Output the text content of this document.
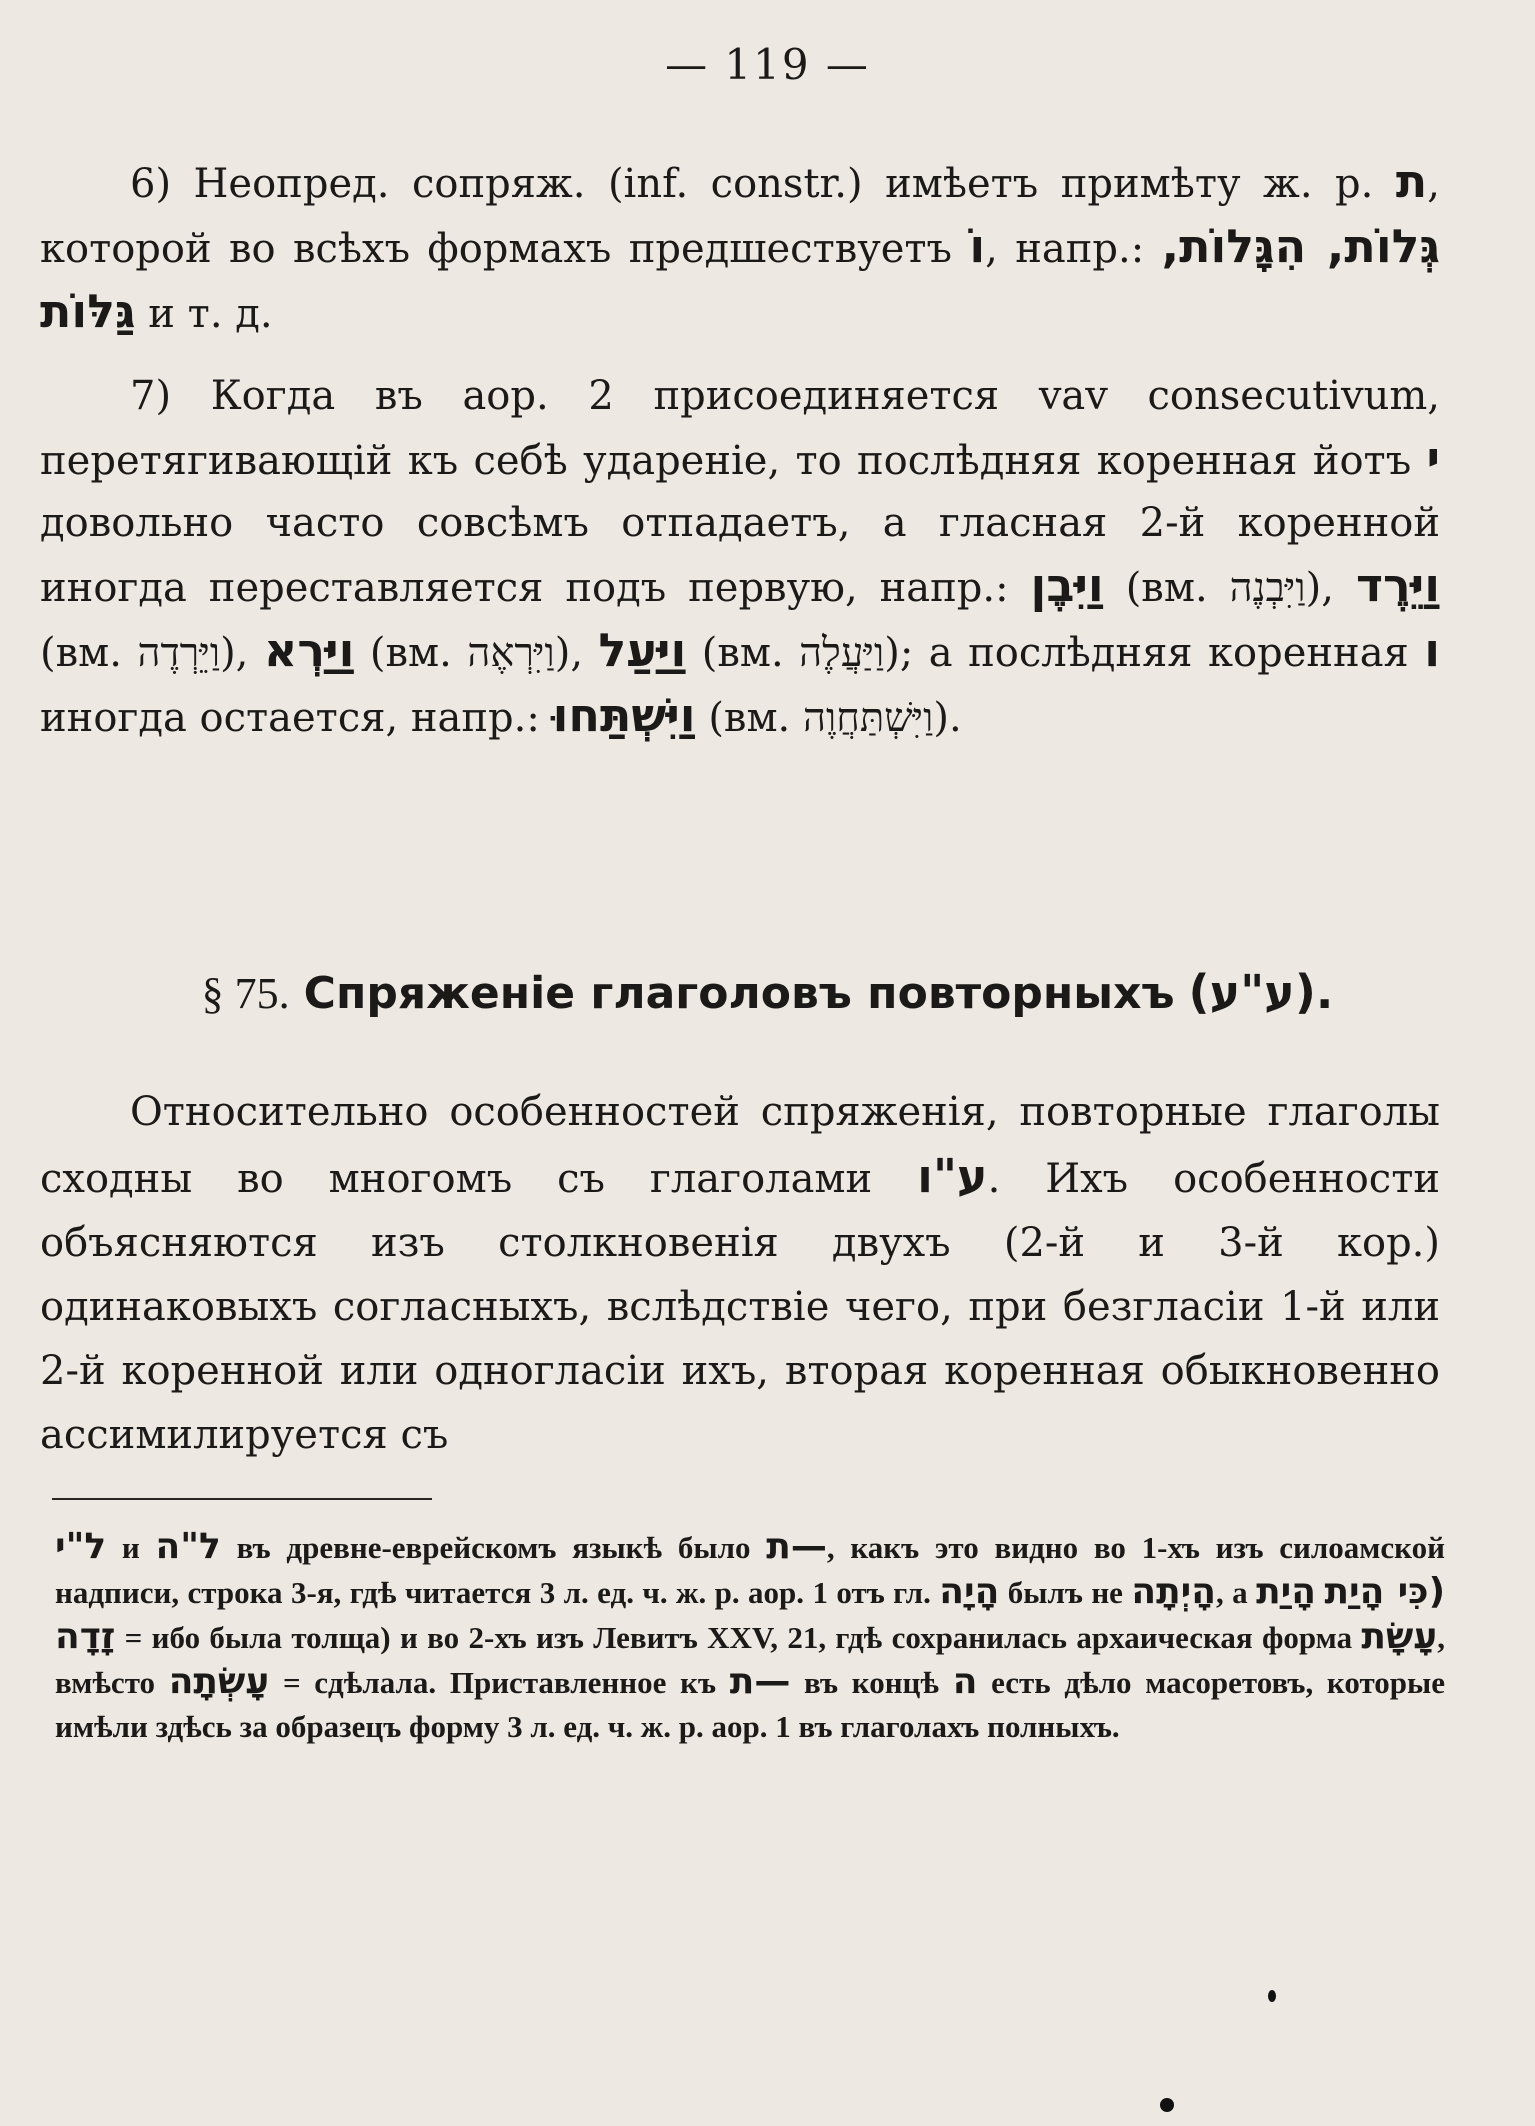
— 119 —
6) Неопред. сопряж. (inf. constr.) имѣетъ примѣту ж. р. ת, которой во всѣхъ формахъ предшествуетъ וֹ, напр.: גְּלוֹת, הִגָּלוֹת, גַּלּוֹת и т. д.
7) Когда въ аор. 2 присоединяется vav consecutivum, перетягивающій къ себѣ удареніе, то послѣдняя коренная йотъ י довольно часто совсѣмъ отпадаетъ, а гласная 2-й коренной иногда переставляется подъ первую, напр.: וַיִּבֶן (вм. וַיִּבְנֶה), וַיֵּרֶד (вм. וַיֵּרְדֶה), וַיַּרְא (вм. וַיִּרְאֶה), וַיַּעַל (вм. וַיַּעֲלֶה); а послѣдняя коренная ו иногда остается, напр.: וַיִּשְׁתַּחוּ (вм. וַיִּשְׁתַּחֲוֶה).
§ 75. Спряженіе глаголовъ повторныхъ (ע"ע).
Относительно особенностей спряженія, повторные глаголы сходны во многомъ съ глаголами ע"ו. Ихъ особенности объясняются изъ столкновенія двухъ (2-й и 3-й кор.) одинаковыхъ согласныхъ, вслѣдствіе чего, при безгласіи 1-й или 2-й коренной или одногласіи ихъ, вторая коренная обыкновенно ассимилируется съ
ל"י и ל"ה въ древне-еврейскомъ языкѣ было ת—, какъ это видно во 1-хъ изъ силоамской надписи, строка 3-я, гдѣ читается 3 л. ед. ч. ж. р. аор. 1 отъ гл. הָיָה былъ не הָיְתָה, а הָיַת (כִּי הָיַת זָדָה = ибо была толща) и во 2-хъ изъ Левитъ XXV, 21, гдѣ сохранилась архаическая форма עָשָׂת, вмѣсто עָשְׂתָה = сдѣлала. Приставленное къ ת— въ концѣ ה есть дѣло масоретовъ, которые имѣли здѣсь за образецъ форму 3 л. ед. ч. ж. р. аор. 1 въ глаголахъ полныхъ.
